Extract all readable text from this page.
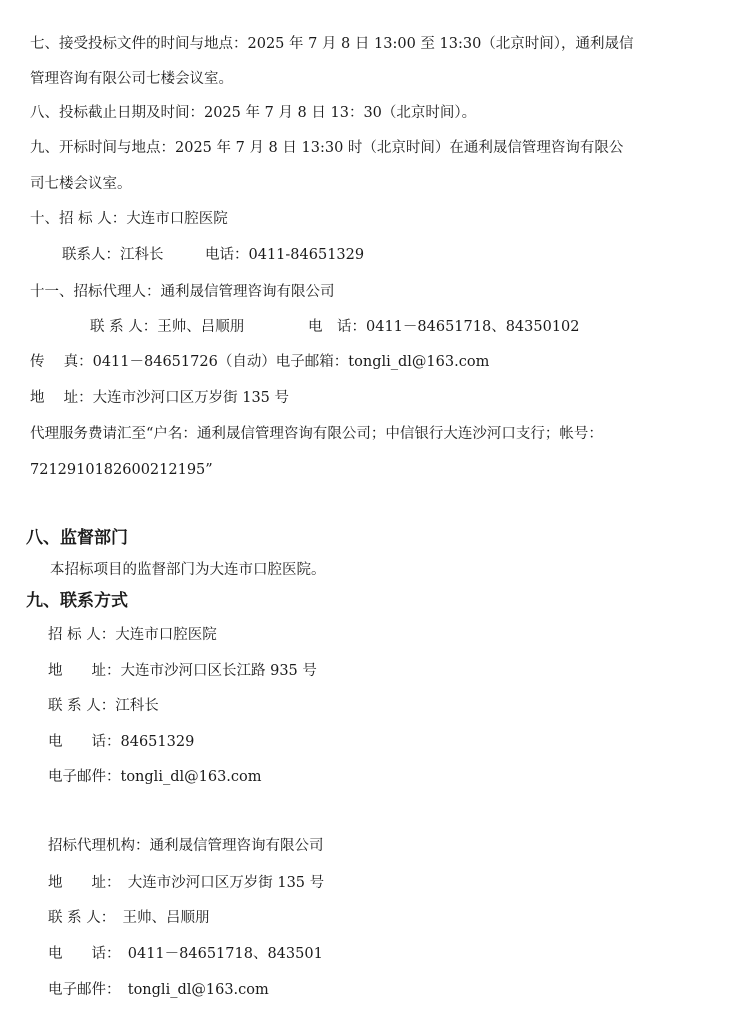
七、接受投标文件的时间与地点：2025 年 7 月 8 日 13:00 至 13:30（北京时间），通利晟信
管理咨询有限公司七楼会议室。
八、投标截止日期及时间：2025 年 7 月 8 日 13：30（北京时间）。
九、开标时间与地点：2025 年 7 月 8 日 13:30 时（北京时间）在通利晟信管理咨询有限公
司七楼会议室。
十、招 标 人：大连市口腔医院
联系人：江科长	电话：0411-84651329
十一、招标代理人：通利晟信管理咨询有限公司
联 系 人：王帅、吕顺朋	电　话：0411－84651718、84350102
传　 真：0411－84651726（自动）电子邮箱：tongli_dl@163.com
地　 址：大连市沙河口区万岁街 135 号
代理服务费请汇至“户名：通利晟信管理咨询有限公司；中信银行大连沙河口支行；帐号：
7212910182600212195”
八、监督部门
本招标项目的监督部门为大连市口腔医院。
九、联系方式
招 标 人：大连市口腔医院
地　　址：大连市沙河口区长江路 935 号
联 系 人：江科长
电　　话：84651329
电子邮件：tongli_dl@163.com
招标代理机构：通利晟信管理咨询有限公司
地　　址：　大连市沙河口区万岁街 135 号
联 系 人：　王帅、吕顺朋
电　　话：　0411－84651718、843501
电子邮件：　tongli_dl@163.com
